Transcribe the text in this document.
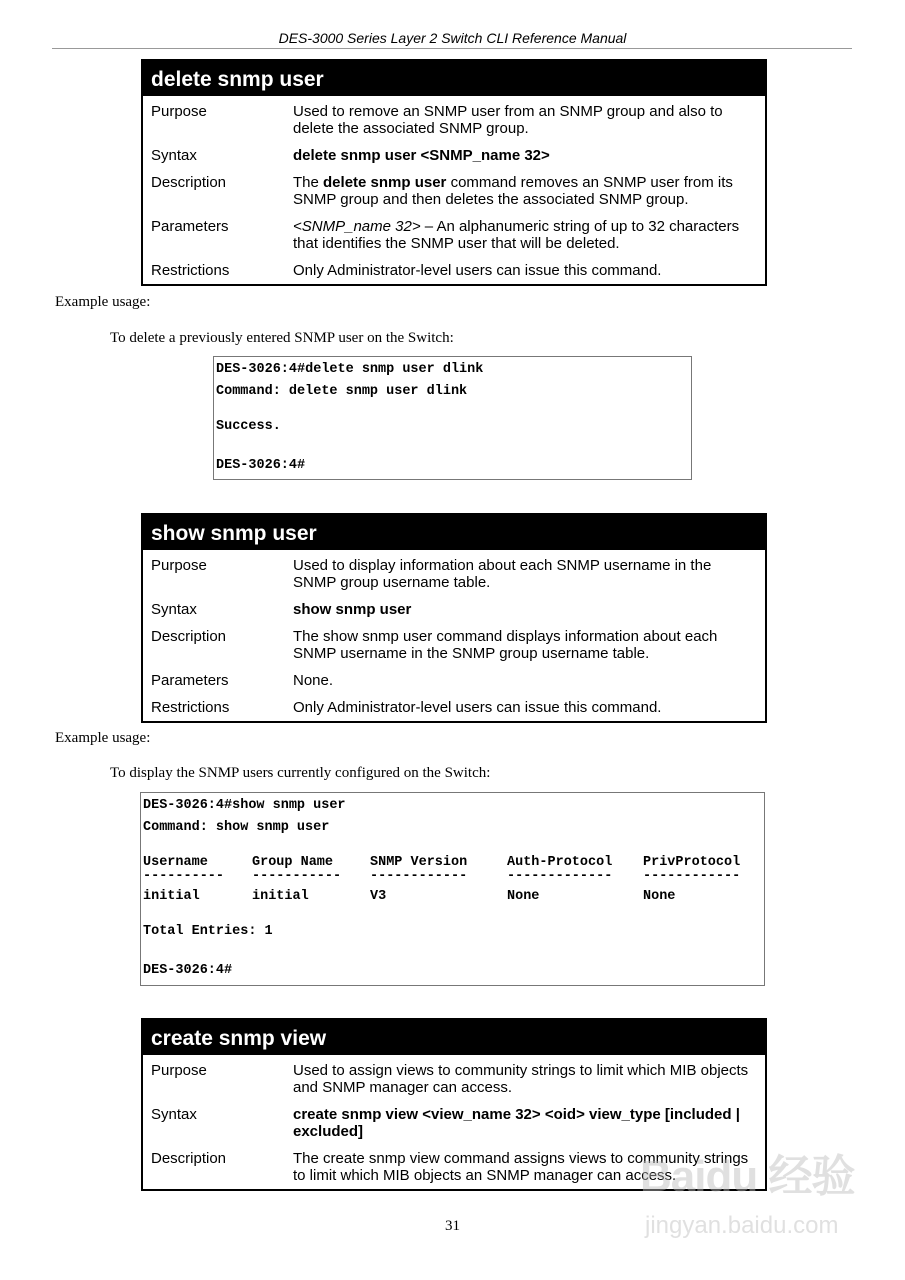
DES-3000 Series Layer 2 Switch CLI Reference Manual
delete snmp user
Purpose	Used to remove an SNMP user from an SNMP group and also to delete the associated SNMP group.
Syntax	delete snmp user <SNMP_name 32>
Description	The delete snmp user command removes an SNMP user from its SNMP group and then deletes the associated SNMP group.
Parameters	<SNMP_name 32> – An alphanumeric string of up to 32 characters that identifies the SNMP user that will be deleted.
Restrictions	Only Administrator-level users can issue this command.
Example usage:
To delete a previously entered SNMP user on the Switch:
DES-3026:4#delete snmp user dlink
Command: delete snmp user dlink
Success.
DES-3026:4#
show snmp user
Purpose	Used to display information about each SNMP username in the SNMP group username table.
Syntax	show snmp user
Description	The show snmp user command displays information about each SNMP username in the SNMP group username table.
Parameters	None.
Restrictions	Only Administrator-level users can issue this command.
Example usage:
To display the SNMP users currently configured on the Switch:
DES-3026:4#show snmp user
Command: show snmp user
Username	Group Name	SNMP Version	Auth-Protocol PrivProtocol
---------- ----------- ------------	------------- ------------
initial	initial	V3	None	None
Total Entries: 1
DES-3026:4#
create snmp view
Purpose	Used to assign views to community strings to limit which MIB objects and SNMP manager can access.
Syntax	create snmp view <view_name 32> <oid> view_type [included | excluded]
Description	The create snmp view command assigns views to community strings to limit which MIB objects an SNMP manager can access.
31
Baidu 经验
jingyan.baidu.com
